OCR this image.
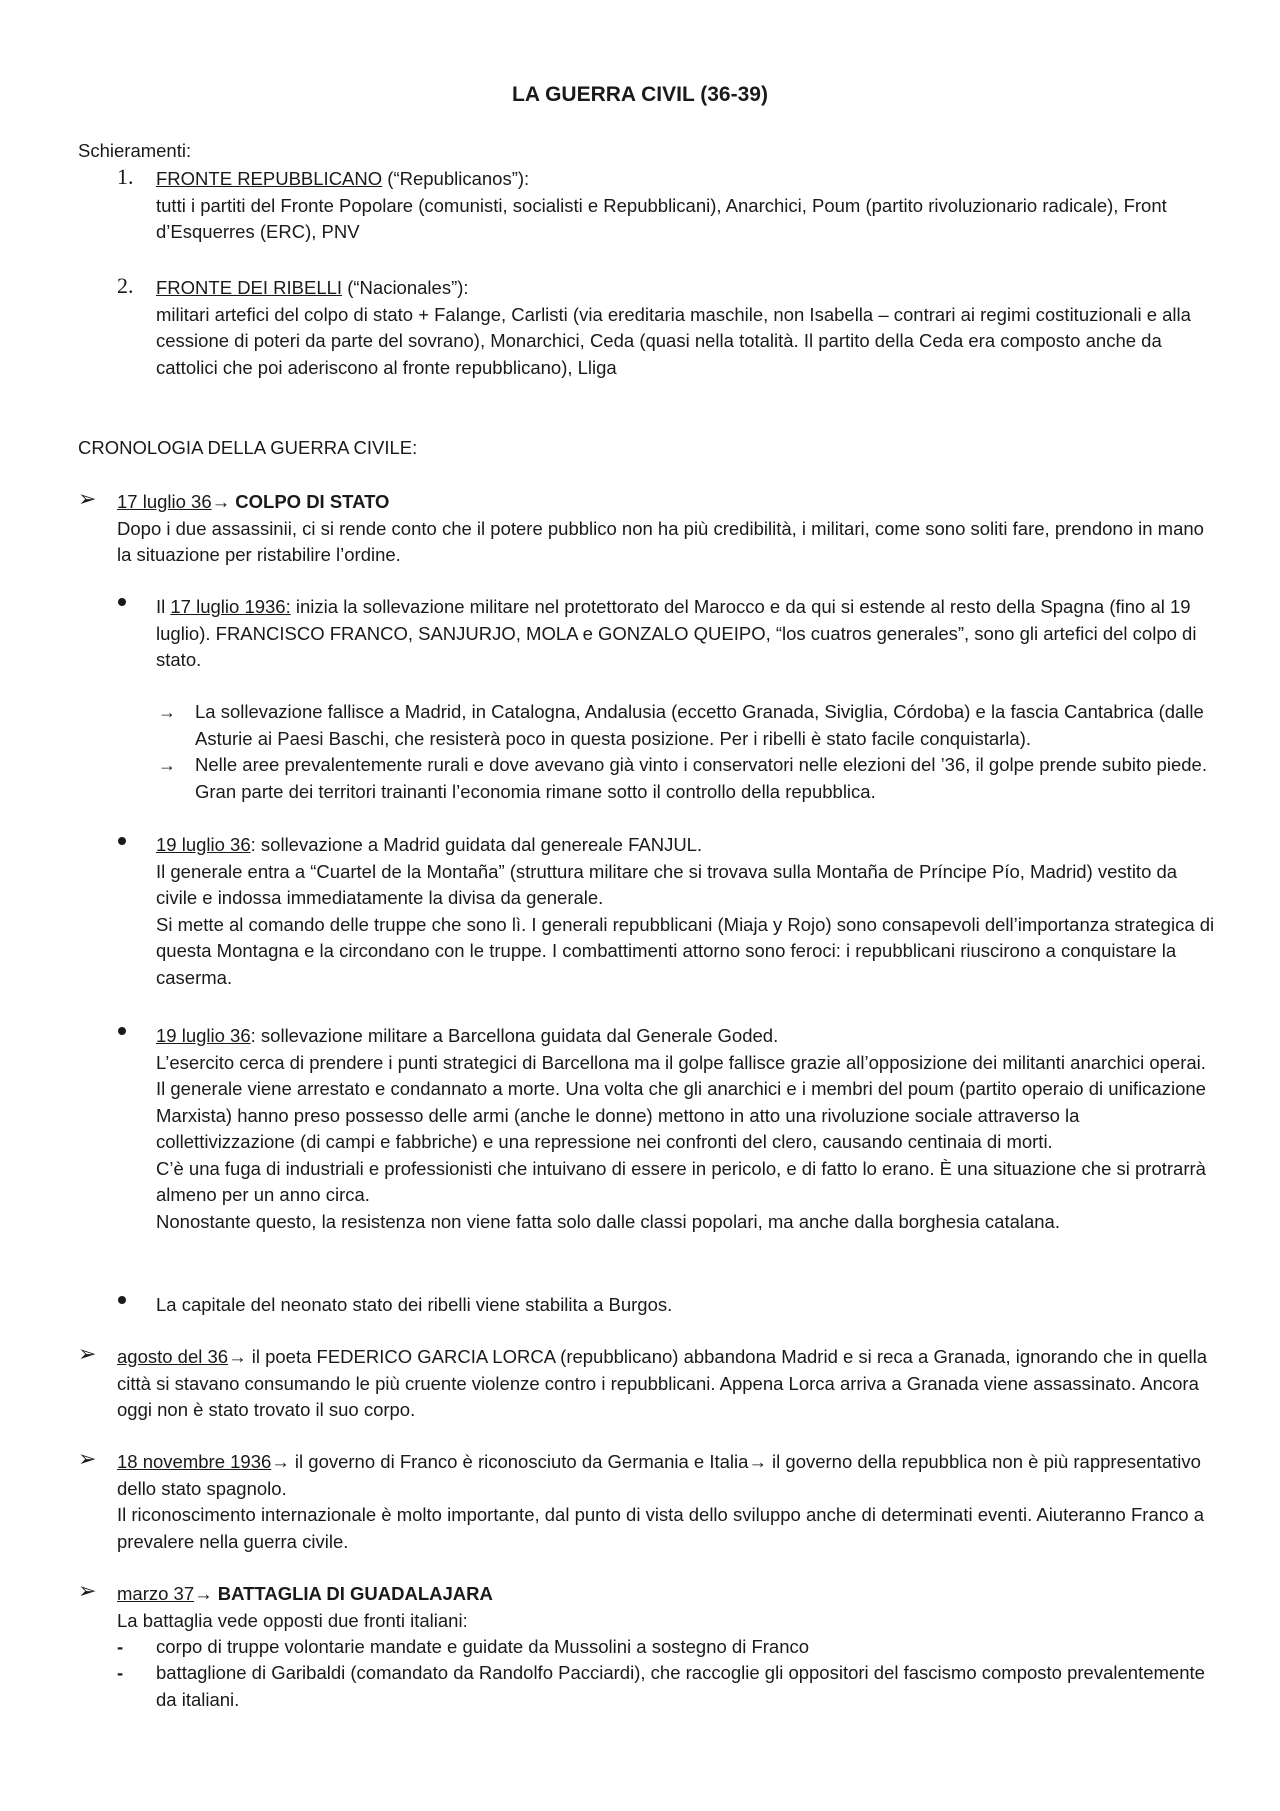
LA GUERRA CIVIL (36-39)
Schieramenti:
1. FRONTE REPUBBLICANO (“Republicanos”):

tutti i partiti del Fronte Popolare (comunisti, socialisti e Repubblicani), Anarchici, Poum (partito rivoluzionario radicale), Front d’Esquerres (ERC), PNV

2. FRONTE DEI RIBELLI (“Nacionales”):

militari artefici del colpo di stato + Falange, Carlisti (via ereditaria maschile, non Isabella – contrari ai regimi costituzionali e alla cessione di poteri da parte del sovrano), Monarchici, Ceda (quasi nella totalità. Il partito della Ceda era composto anche da cattolici che poi aderiscono al fronte repubblicano), Lliga

CRONOLOGIA DELLA GUERRA CIVILE:
➢ 17 luglio 36→ COLPO DI STATO

Dopo i due assassinii, ci si rende conto che il potere pubblico non ha più credibilità, i militari, come sono soliti fare, prendono in mano la situazione per ristabilire l’ordine.

Il 17 luglio 1936: inizia la sollevazione militare nel protettorato del Marocco e da qui si estende al resto della Spagna (fino al 19 luglio). FRANCISCO FRANCO, SANJURJO, MOLA e GONZALO QUEIPO, “los cuatros generales”, sono gli artefici del colpo di stato.

→ La sollevazione fallisce a Madrid, in Catalogna, Andalusia (eccetto Granada, Siviglia, Córdoba) e la fascia Cantabrica (dalle Asturie ai Paesi Baschi, che resisterà poco in questa posizione. Per i ribelli è stato facile conquistarla).
→ Nelle aree prevalentemente rurali e dove avevano già vinto i conservatori nelle elezioni del ’36, il golpe prende subito piede. Gran parte dei territori trainanti l’economia rimane sotto il controllo della repubblica.

19 luglio 36: sollevazione a Madrid guidata dal genereale FANJUL.

Il generale entra a “Cuartel de la Montaña” (struttura militare che si trovava sulla Montaña de Príncipe Pío, Madrid) vestito da civile e indossa immediatamente la divisa da generale.

Si mette al comando delle truppe che sono lì. I generali repubblicani (Miaja y Rojo) sono consapevoli dell’importanza strategica di questa Montagna e la circondano con le truppe. I combattimenti attorno sono feroci: i repubblicani riuscirono a conquistare la caserma.

19 luglio 36: sollevazione militare a Barcellona guidata dal Generale Goded.

L’esercito cerca di prendere i punti strategici di Barcellona ma il golpe fallisce grazie all’opposizione dei militanti anarchici operai. Il generale viene arrestato e condannato a morte. Una volta che gli anarchici e i membri del poum (partito operaio di unificazione Marxista) hanno preso possesso delle armi (anche le donne) mettono in atto una rivoluzione sociale attraverso la collettivizzazione (di campi e fabbriche) e una repressione nei confronti del clero, causando centinaia di morti.

C’è una fuga di industriali e professionisti che intuivano di essere in pericolo, e di fatto lo erano. È una situazione che si protrarrà almeno per un anno circa.

Nonostante questo, la resistenza non viene fatta solo dalle classi popolari, ma anche dalla borghesia catalana.

La capitale del neonato stato dei ribelli viene stabilita a Burgos.
➢ agosto del 36→ il poeta FEDERICO GARCIA LORCA (repubblicano) abbandona Madrid e si reca a Granada, ignorando che in quella città si stavano consumando le più cruente violenze contro i repubblicani. Appena Lorca arriva a Granada viene assassinato. Ancora oggi non è stato trovato il suo corpo.

➢ 18 novembre 1936→ il governo di Franco è riconosciuto da Germania e Italia→ il governo della repubblica non è più rappresentativo dello stato spagnolo.

Il riconoscimento internazionale è molto importante, dal punto di vista dello sviluppo anche di determinati eventi. Aiuteranno Franco a prevalere nella guerra civile.

➢ marzo 37→ BATTAGLIA DI GUADALAJARA

La battaglia vede opposti due fronti italiani:

- corpo di truppe volontarie mandate e guidate da Mussolini a sostegno di Franco
- battaglione di Garibaldi (comandato da Randolfo Pacciardi), che raccoglie gli oppositori del fascismo composto prevalentemente da italiani.
